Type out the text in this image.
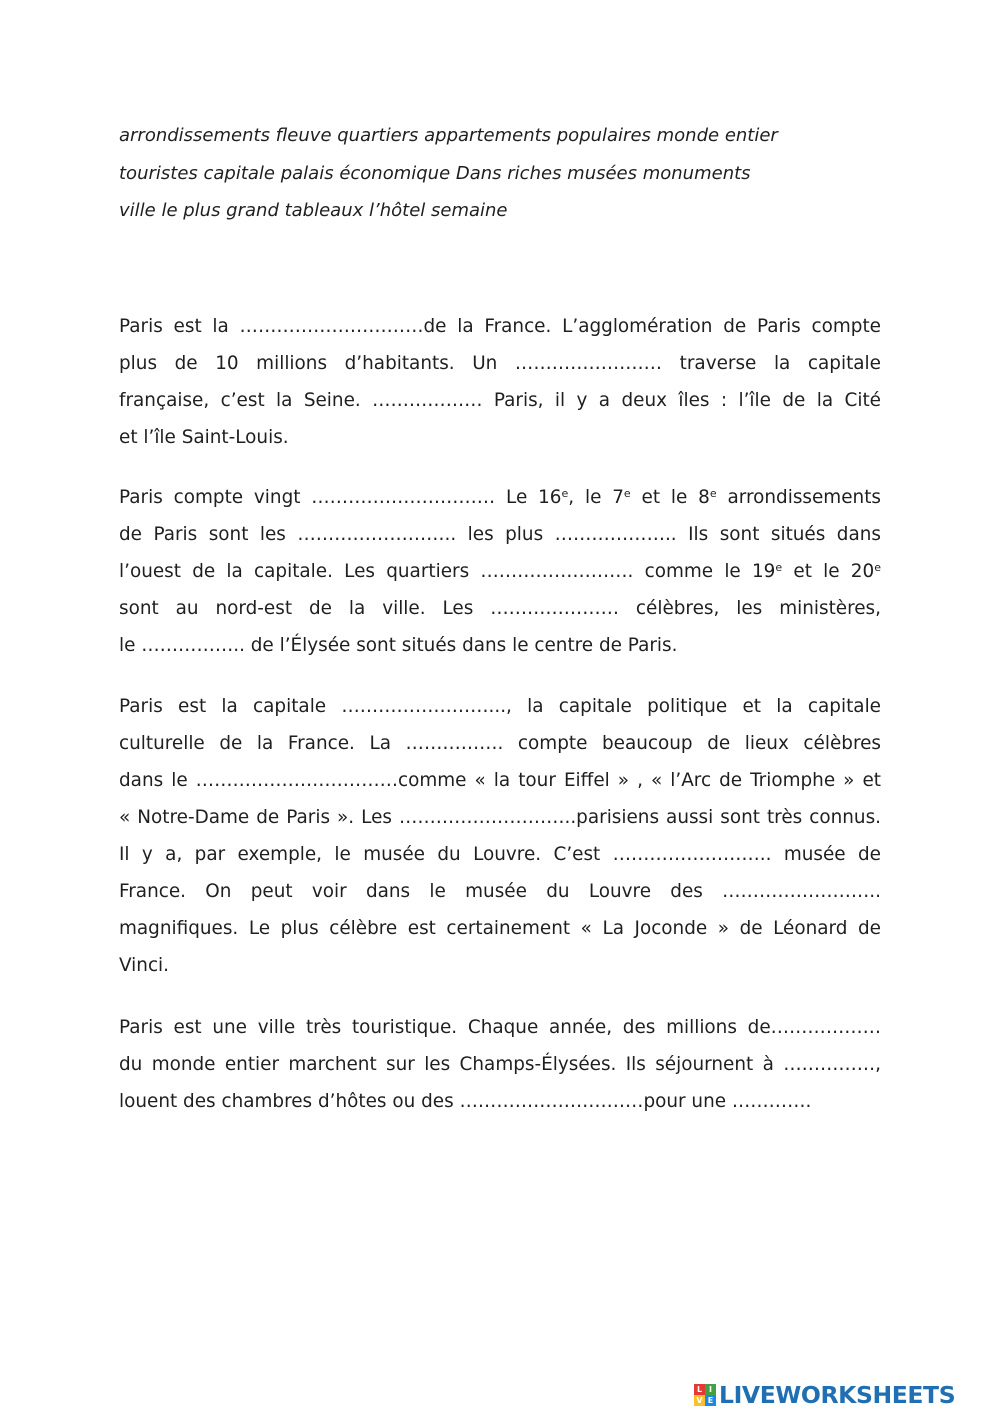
arrondissements fleuve quartiers appartements populaires monde entier
touristes capitale palais économique Dans riches musées monuments
ville le plus grand tableaux l’hôtel semaine
Paris est la …………………………de la France. L’agglomération de Paris compte
plus de 10 millions d’habitants. Un …………………… traverse la capitale
française, c’est la Seine. ……………… Paris, il y a deux îles : l’île de la Cité
et l’île Saint-Louis.
Paris compte vingt ………………………… Le 16e, le 7e et le 8e arrondissements
de Paris sont les …………………….. les plus ……………….. Ils sont situés dans
l’ouest de la capitale. Les quartiers ……………………. comme le 19e et le 20e
sont au nord-est de la ville. Les ………………… célèbres, les ministères,
le …………….. de l’Élysée sont situés dans le centre de Paris.
Paris est la capitale ……………………..., la capitale politique et la capitale
culturelle de la France. La ……………. compte beaucoup de lieux célèbres
dans le ……………………………comme « la tour Eiffel » , « l’Arc de Triomphe » et
« Notre-Dame de Paris ». Les ………………………..parisiens aussi sont très connus.
Il y a, par exemple, le musée du Louvre. C’est …………………….. musée de
France. On peut voir dans le musée du Louvre des ……………………..
magnifiques. Le plus célèbre est certainement « La Joconde » de Léonard de
Vinci.
Paris est une ville très touristique. Chaque année, des millions de………………
du monde entier marchent sur les Champs-Élysées. Ils séjournent à ……………,
louent des chambres d’hôtes ou des …………………………pour une ………….
L I
V E LIVEWORKSHEETS
